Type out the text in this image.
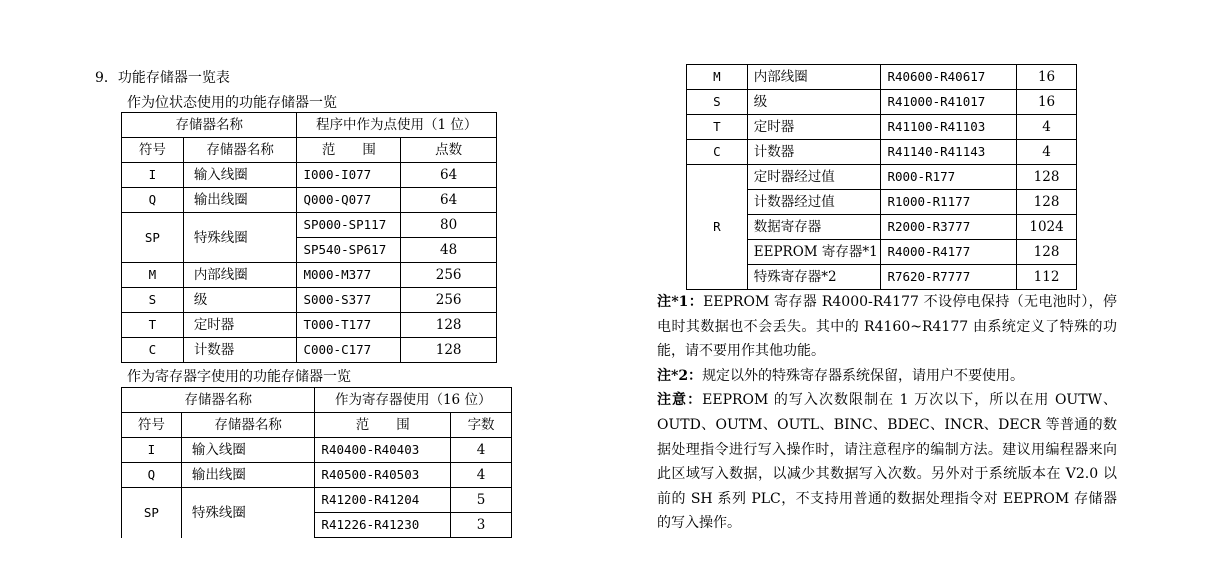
9．功能存储器一览表
作为位状态使用的功能存储器一览
存储器名称		程序中作为点使用（1 位）	
符号	存储器名称	范　　围	点数
I	输入线圈	I000-I077	64
Q	输出线圈	Q000-Q077	64
SP	特殊线圈	SP000-SP117	80
		SP540-SP617	48
M	内部线圈	M000-M377	256
S	级	S000-S377	256
T	定时器	T000-T177	128
C	计数器	C000-C177	128
作为寄存器字使用的功能存储器一览
存储器名称		作为寄存器使用（16 位）	
符号	存储器名称	范　　围	字数
I	输入线圈	R40400-R40403	4
Q	输出线圈	R40500-R40503	4
SP	特殊线圈	R41200-R41204	5
		R41226-R41230	3
M	内部线圈	R40600-R40617	16
S	级	R41000-R41017	16
T	定时器	R41100-R41103	4
C	计数器	R41140-R41143	4
R	定时器经过值	R000-R177	128
	计数器经过值	R1000-R1177	128
	数据寄存器	R2000-R3777	1024
	EEPROM 寄存器*1	R4000-R4177	128
	特殊寄存器*2	R7620-R7777	112

注*1：EEPROM 寄存器 R4000-R4177 不设停电保持（无电池时），停电时其数据也不会丢失。其中的 R4160~R4177 由系统定义了特殊的功能，请不要用作其他功能。

注*2：规定以外的特殊寄存器系统保留，请用户不要使用。

注意：EEPROM 的写入次数限制在 1 万次以下，所以在用 OUTW、OUTD、OUTM、OUTL、BINC、BDEC、INCR、DECR 等普通的数据处理指令进行写入操作时，请注意程序的编制方法。建议用编程器来向此区域写入数据，以减少其数据写入次数。另外对于系统版本在 V2.0 以前的 SH 系列 PLC，不支持用普通的数据处理指令对 EEPROM 存储器的写入操作。
